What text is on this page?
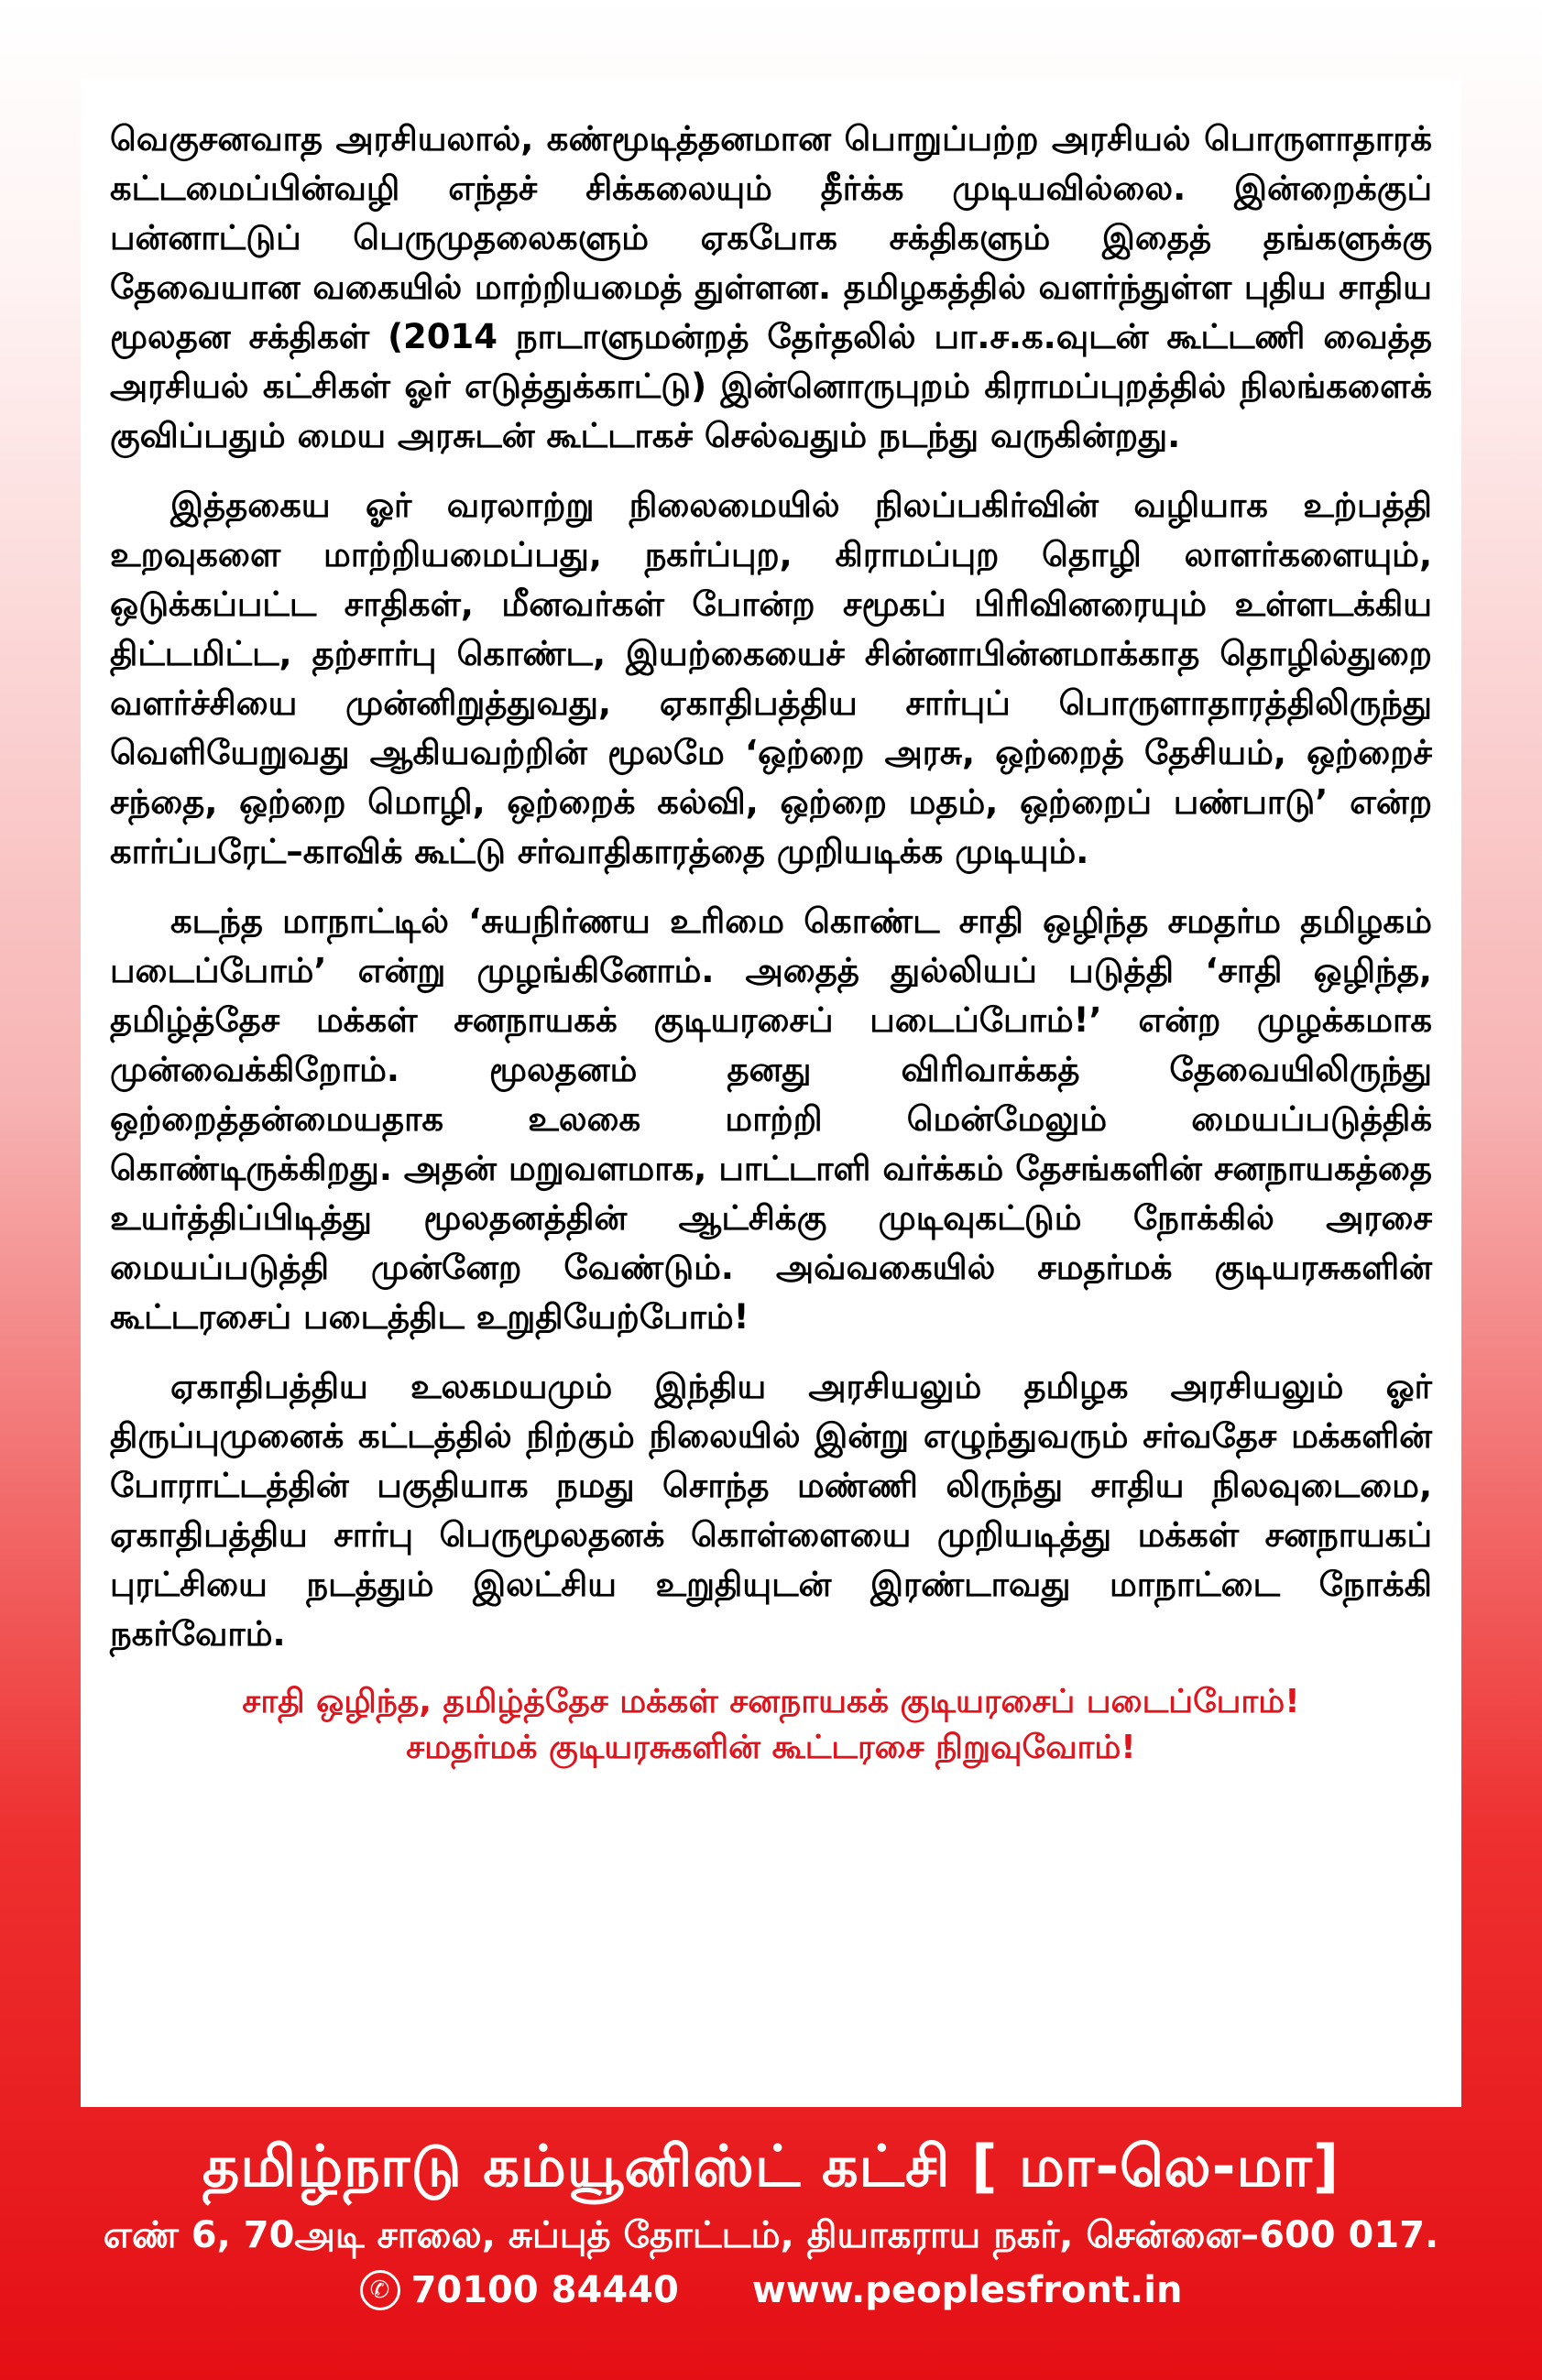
வெகுசனவாத அரசியலால், கண்மூடித்தனமான பொறுப்பற்ற அரசியல் பொருளாதாரக் கட்டமைப்பின்வழி எந்தச் சிக்கலையும் தீர்க்க முடியவில்லை. இன்றைக்குப் பன்னாட்டுப் பெருமுதலைகளும் ஏகபோக சக்திகளும் இதைத் தங்களுக்கு தேவையான வகையில் மாற்றியமைத் துள்ளன. தமிழகத்தில் வளர்ந்துள்ள புதிய சாதிய மூலதன சக்திகள் (2014 நாடாளுமன்றத் தேர்தலில் பா.ச.க.வுடன் கூட்டணி வைத்த அரசியல் கட்சிகள் ஓர் எடுத்துக்காட்டு) இன்னொருபுறம் கிராமப்புறத்தில் நிலங்களைக் குவிப்பதும் மைய அரசுடன் கூட்டாகச் செல்வதும் நடந்து வருகின்றது.

இத்தகைய ஓர் வரலாற்று நிலைமையில் நிலப்பகிர்வின் வழியாக உற்பத்தி உறவுகளை மாற்றியமைப்பது, நகர்ப்புற, கிராமப்புற தொழி லாளர்களையும், ஒடுக்கப்பட்ட சாதிகள், மீனவர்கள் போன்ற சமூகப் பிரிவினரையும் உள்ளடக்கிய திட்டமிட்ட, தற்சார்பு கொண்ட, இயற்கையைச் சின்னாபின்னமாக்காத தொழில்துறை வளர்ச்சியை முன்னிறுத்துவது, ஏகாதிபத்திய சார்புப் பொருளாதாரத்திலிருந்து வெளியேறுவது ஆகியவற்றின் மூலமே ‘ஒற்றை அரசு, ஒற்றைத் தேசியம், ஒற்றைச் சந்தை, ஒற்றை மொழி, ஒற்றைக் கல்வி, ஒற்றை மதம், ஒற்றைப் பண்பாடு’ என்ற கார்ப்பரேட்–காவிக் கூட்டு சர்வாதிகாரத்தை முறியடிக்க முடியும்.

கடந்த மாநாட்டில் ‘சுயநிர்ணய உரிமை கொண்ட சாதி ஒழிந்த சமதர்ம தமிழகம் படைப்போம்’ என்று முழங்கினோம். அதைத் துல்லியப் படுத்தி ‘சாதி ஒழிந்த, தமிழ்த்தேச மக்கள் சனநாயகக் குடியரசைப் படைப்போம்!’ என்ற முழக்கமாக முன்வைக்கிறோம். மூலதனம் தனது விரிவாக்கத் தேவையிலிருந்து ஒற்றைத்தன்மையதாக உலகை மாற்றி மென்மேலும் மையப்படுத்திக் கொண்டிருக்கிறது. அதன் மறுவளமாக, பாட்டாளி வர்க்கம் தேசங்களின் சனநாயகத்தை உயர்த்திப்பிடித்து மூலதனத்தின் ஆட்சிக்கு முடிவுகட்டும் நோக்கில் அரசை மையப்படுத்தி முன்னேற வேண்டும். அவ்வகையில் சமதர்மக் குடியரசுகளின் கூட்டரசைப் படைத்திட உறுதியேற்போம்!

ஏகாதிபத்திய உலகமயமும் இந்திய அரசியலும் தமிழக அரசியலும் ஓர் திருப்புமுனைக் கட்டத்தில் நிற்கும் நிலையில் இன்று எழுந்துவரும் சர்வதேச மக்களின் போராட்டத்தின் பகுதியாக நமது சொந்த மண்ணி லிருந்து சாதிய நிலவுடைமை, ஏகாதிபத்திய சார்பு பெருமூலதனக் கொள்ளையை முறியடித்து மக்கள் சனநாயகப் புரட்சியை நடத்தும் இலட்சிய உறுதியுடன் இரண்டாவது மாநாட்டை நோக்கி நகர்வோம்.

சாதி ஒழிந்த, தமிழ்த்தேச மக்கள் சனநாயகக் குடியரசைப் படைப்போம்!
சமதர்மக் குடியரசுகளின் கூட்டரசை நிறுவுவோம்!
தமிழ்நாடு கம்யூனிஸ்ட் கட்சி [ மா-லெ-மா]
எண் 6, 70அடி சாலை, சுப்புத் தோட்டம், தியாகராய நகர், சென்னை–600 017.
✆ 70100 84440 www.peoplesfront.in
